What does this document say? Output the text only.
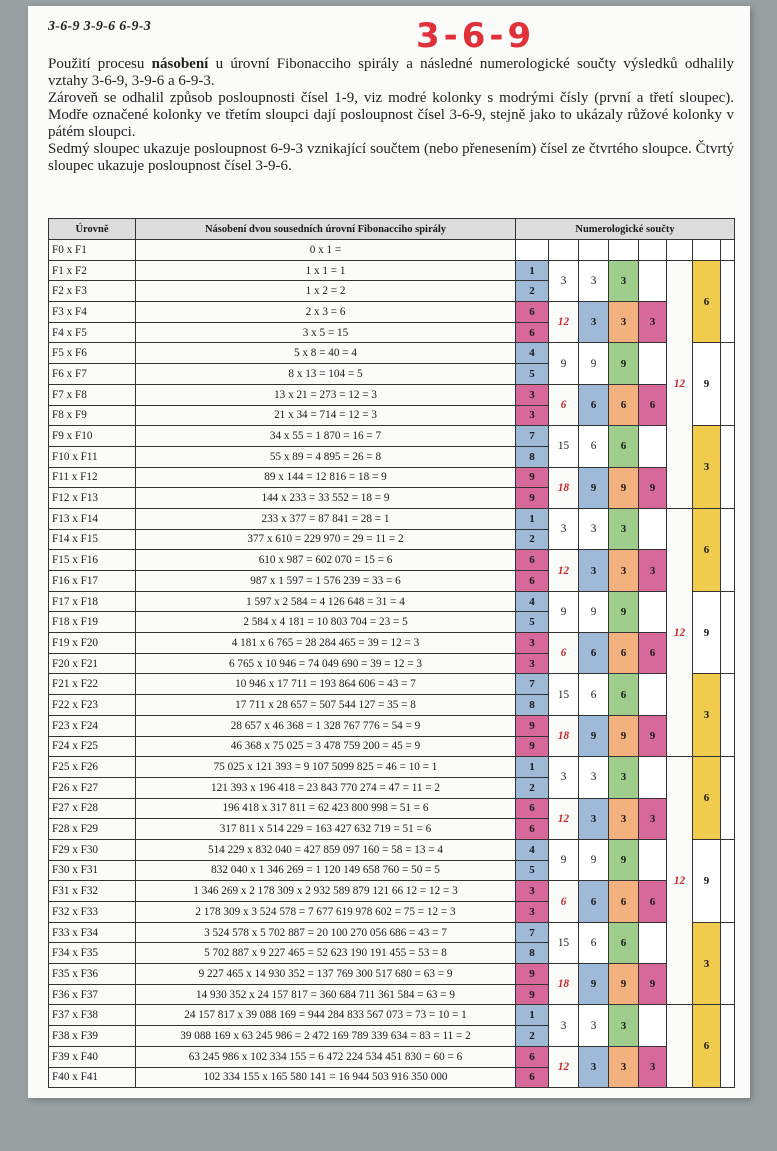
3-6-9 3-9-6 6-9-3	3-6-9

Použití procesu násobení u úrovní Fibonacciho spirály a následné numerologické součty výsledků odhalily vztahy 3-6-9, 3-9-6 a 6-9-3.

Zároveň se odhalil způsob posloupnosti čísel 1-9, viz modré kolonky s modrými čísly (první a třetí sloupec). Modře označené kolonky ve třetím sloupci dají posloupnost čísel 3-6-9, stejně jako to ukázaly růžové kolonky v pátém sloupci.

Sedmý sloupec ukazuje posloupnost 6-9-3 vznikající součtem (nebo přenesením) čísel ze čtvrtého sloupce. Čtvrtý sloupec ukazuje posloupnost čísel 3-9-6.

Úrovně	Násobení dvou sousedních úrovní Fibonacciho spirály	Numerologické součty							
F0 x F1	0 x 1 =								
F1 x F2	1 x 1 = 1	1	3	3	3		12	6	
F2 x F3	1 x 2 = 2	2							
F3 x F4	2 x 3 = 6	6	12	3	3	3			
F4 x F5	3 x 5 = 15	6							
F5 x F6	5 x 8 = 40 = 4	4	9	9	9			9	
F6 x F7	8 x 13 = 104 = 5	5							
F7 x F8	13 x 21 = 273 = 12 = 3	3	6	6	6	6			
F8 x F9	21 x 34 = 714 = 12 = 3	3							
F9 x F10	34 x 55 = 1 870 = 16 = 7	7	15	6	6			3	
F10 x F11	55 x 89 = 4 895 = 26 = 8	8							
F11 x F12	89 x 144 = 12 816 = 18 = 9	9	18	9	9	9			
F12 x F13	144 x 233 = 33 552 = 18 = 9	9							
F13 x F14	233 x 377 = 87 841 = 28 = 1	1	3	3	3		12	6	
F14 x F15	377 x 610 = 229 970 = 29 = 11 = 2	2							
F15 x F16	610 x 987 = 602 070 = 15 = 6	6	12	3	3	3			
F16 x F17	987 x 1 597 = 1 576 239 = 33 = 6	6							
F17 x F18	1 597 x 2 584 = 4 126 648 = 31 = 4	4	9	9	9			9	
F18 x F19	2 584 x 4 181 = 10 803 704 = 23 = 5	5							
F19 x F20	4 181 x 6 765 = 28 284 465 = 39 = 12 = 3	3	6	6	6	6			
F20 x F21	6 765 x 10 946 = 74 049 690 = 39 = 12 = 3	3							
F21 x F22	10 946 x 17 711 = 193 864 606 = 43 = 7	7	15	6	6			3	
F22 x F23	17 711 x 28 657 = 507 544 127 = 35 = 8	8							
F23 x F24	28 657 x 46 368 = 1 328 767 776 = 54 = 9	9	18	9	9	9			
F24 x F25	46 368 x 75 025 = 3 478 759 200 = 45 = 9	9							
F25 x F26	75 025 x 121 393 = 9 107 5099 825 = 46 = 10 = 1	1	3	3	3		12	6	
F26 x F27	121 393 x 196 418 = 23 843 770 274 = 47 = 11 = 2	2							
F27 x F28	196 418 x 317 811 = 62 423 800 998 = 51 = 6	6	12	3	3	3			
F28 x F29	317 811 x 514 229 = 163 427 632 719 = 51 = 6	6							
F29 x F30	514 229 x 832 040 = 427 859 097 160 = 58 = 13 = 4	4	9	9	9			9	
F30 x F31	832 040 x 1 346 269 = 1 120 149 658 760 = 50 = 5	5							
F31 x F32	1 346 269 x 2 178 309 x 2 932 589 879 121 66 12 = 12 = 3	3	6	6	6	6			
F32 x F33	2 178 309 x 3 524 578 = 7 677 619 978 602 = 75 = 12 = 3	3							
F33 x F34	3 524 578 x 5 702 887 = 20 100 270 056 686 = 43 = 7	7	15	6	6			3	
F34 x F35	5 702 887 x 9 227 465 = 52 623 190 191 455 = 53 = 8	8							
F35 x F36	9 227 465 x 14 930 352 = 137 769 300 517 680 = 63 = 9	9	18	9	9	9			
F36 x F37	14 930 352 x 24 157 817 = 360 684 711 361 584 = 63 = 9	9							
F37 x F38	24 157 817 x 39 088 169 = 944 284 833 567 073 = 73 = 10 = 1	1	3	3	3			6	
F38 x F39	39 088 169 x 63 245 986 = 2 472 169 789 339 634 = 83 = 11 = 2	2							
F39 x F40	63 245 986 x 102 334 155 = 6 472 224 534 451 830 = 60 = 6	6	12	3	3	3			
F40 x F41	102 334 155 x 165 580 141 = 16 944 503 916 350 000	6							
